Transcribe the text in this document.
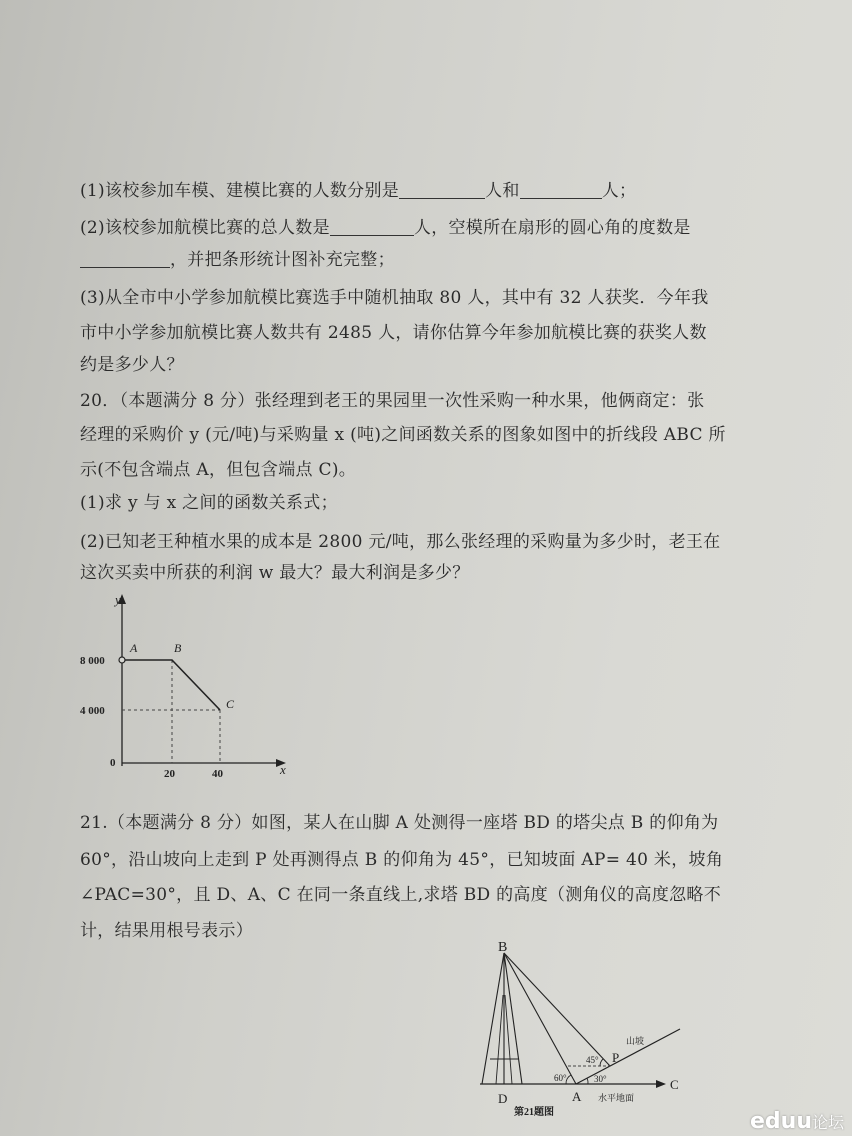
(1)该校参加车模、建模比赛的人数分别是	人和	人；
(2)该校参加航模比赛的总人数是	人，空模所在扇形的圆心角的度数是
，并把条形统计图补充完整；
(3)从全市中小学参加航模比赛选手中随机抽取 80 人，其中有 32 人获奖．今年我
市中小学参加航模比赛人数共有 2485 人，请你估算今年参加航模比赛的获奖人数
约是多少人？
20．（本题满分 8 分）张经理到老王的果园里一次性采购一种水果，他俩商定：张
经理的采购价 y (元/吨)与采购量 x (吨)之间函数关系的图象如图中的折线段 ABC 所
示(不包含端点 A，但包含端点 C)。
(1)求 y 与 x 之间的函数关系式；
(2)已知老王种植水果的成本是 2800 元/吨，那么张经理的采购量为多少时，老王在
这次买卖中所获的利润 w 最大？最大利润是多少？
y
x
A	B
C
8 000
4 000
0
20	40
21.（本题满分 8 分）如图，某人在山脚 A 处测得一座塔 BD 的塔尖点 B 的仰角为
60°，沿山坡向上走到 P 处再测得点 B 的仰角为 45°，已知坡面 AP= 40 米，坡角
∠PAC=30°，且 D、A、C 在同一条直线上,求塔 BD 的高度（测角仪的高度忽略不
计，结果用根号表示）
B
D	A
C
P
60°
45°
30°
山坡
水平地面
第21题图	eduu论坛
